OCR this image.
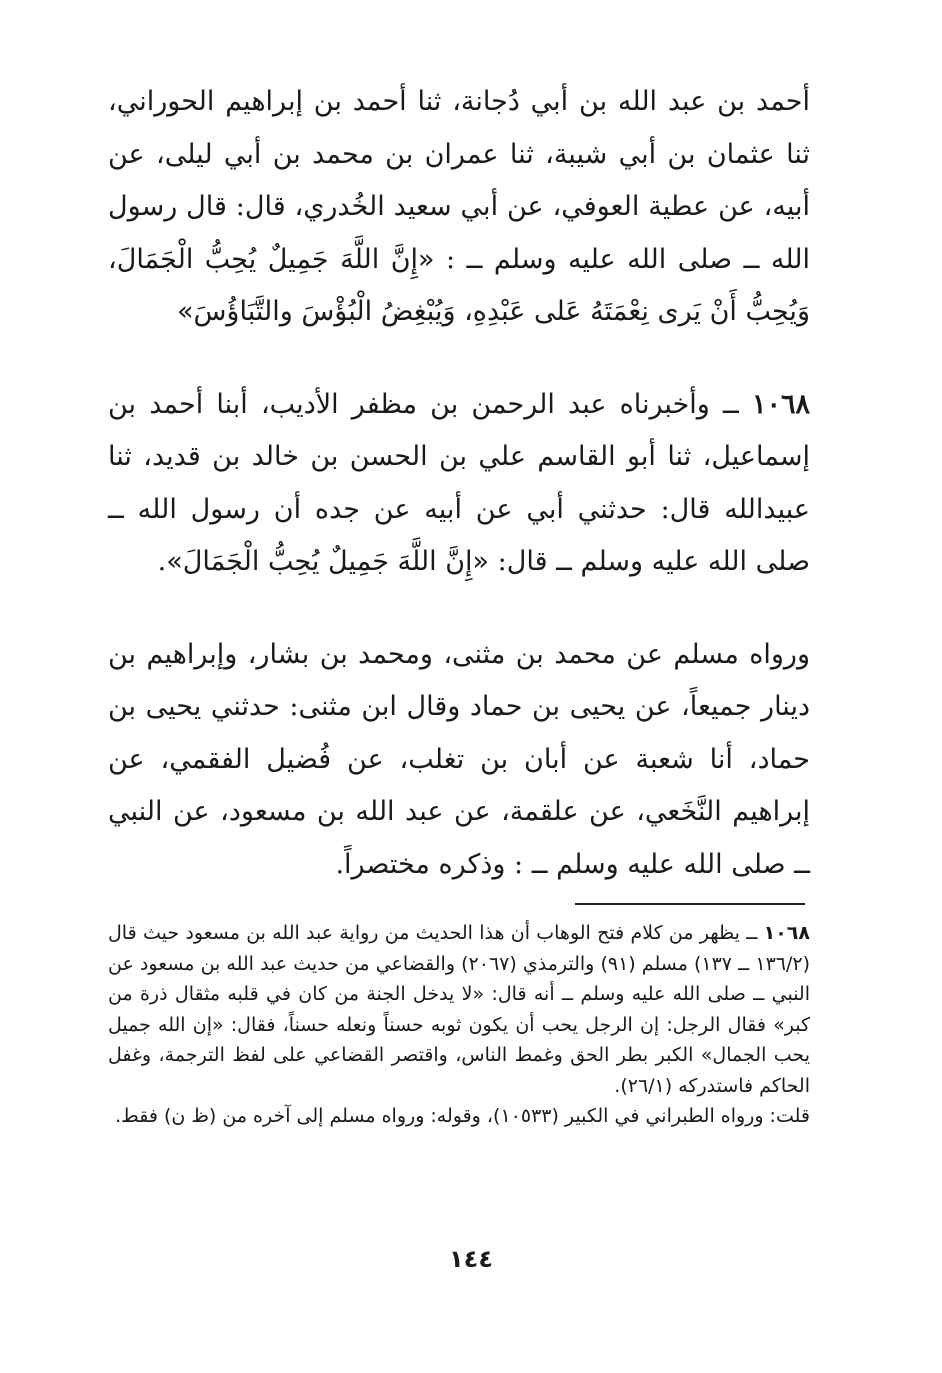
أحمد بن عبد الله بن أبي دُجانة، ثنا أحمد بن إبراهيم الحوراني، ثنا عثمان بن أبي شيبة، ثنا عمران بن محمد بن أبي ليلى، عن أبيه، عن عطية العوفي، عن أبي سعيد الخُدري، قال: قال رسول الله ــ صلى الله عليه وسلم ــ : «إِنَّ اللَّهَ جَمِيلٌ يُحِبُّ الْجَمَالَ، وَيُحِبُّ أَنْ يَرى نِعْمَتَهُ عَلى عَبْدِهِ، وَيُبْغِضُ الْبُؤْسَ والتَّبَاؤُسَ»

١٠٦٨ ــ وأخبرناه عبد الرحمن بن مظفر الأديب، أبنا أحمد بن إسماعيل، ثنا أبو القاسم علي بن الحسن بن خالد بن قديد، ثنا عبيدالله قال: حدثني أبي عن أبيه عن جده أن رسول الله ــ صلى الله عليه وسلم ــ قال: «إِنَّ اللَّهَ جَمِيلٌ يُحِبُّ الْجَمَالَ».

ورواه مسلم عن محمد بن مثنى، ومحمد بن بشار، وإبراهيم بن دينار جميعاً، عن يحيى بن حماد وقال ابن مثنى: حدثني يحيى بن حماد، أنا شعبة عن أبان بن تغلب، عن فُضيل الفقمي، عن إبراهيم النَّخَعي، عن علقمة، عن عبد الله بن مسعود، عن النبي ــ صلى الله عليه وسلم ــ : وذكره مختصراً.

١٠٦٨ ــ يظهر من كلام فتح الوهاب أن هذا الحديث من رواية عبد الله بن مسعود حيث قال (١٣٦/٢ ــ ١٣٧) مسلم (٩١) والترمذي (٢٠٦٧) والقضاعي من حديث عبد الله بن مسعود عن النبي ــ صلى الله عليه وسلم ــ أنه قال: «لا يدخل الجنة من كان في قلبه مثقال ذرة من كبر» فقال الرجل: إن الرجل يحب أن يكون ثوبه حسناً ونعله حسناً، فقال: «إن الله جميل يحب الجمال» الكبر بطر الحق وغمط الناس، واقتصر القضاعي على لفظ الترجمة، وغفل الحاكم فاستدركه (٢٦/١).

قلت: ورواه الطبراني في الكبير (١٠٥٣٣)، وقوله: ورواه مسلم إلى آخره من (ظ ن) فقط.

١٤٤
